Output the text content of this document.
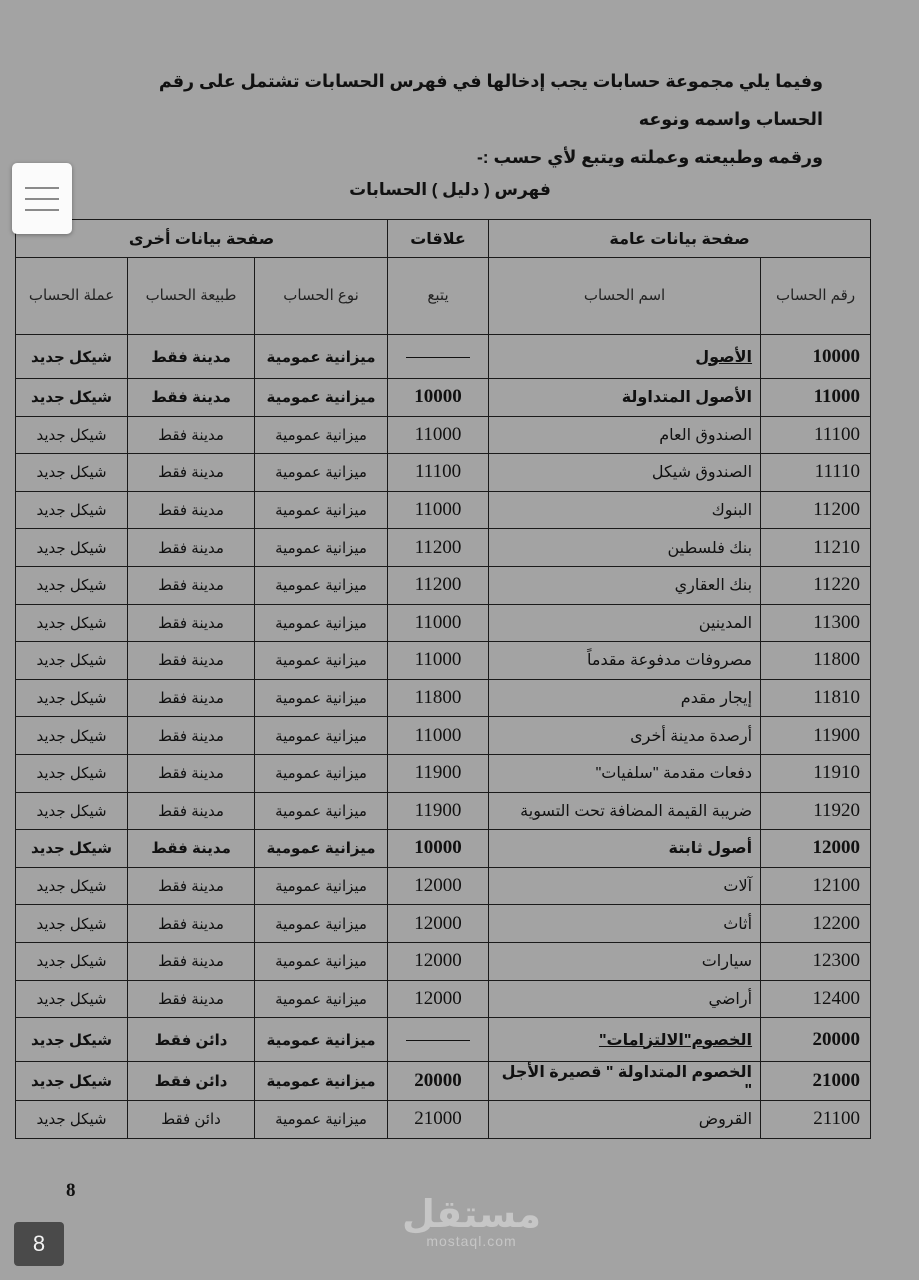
وفيما يلي مجموعة حسابات يجب إدخالها في فهرس الحسابات تشتمل على رقم الحساب واسمه ونوعه
ورقمه وطبيعته وعملته ويتبع لأي حسب :-
فهرس ( دليل ) الحسابات
صفحة بيانات عامة		علاقات	صفحة بيانات أخرى		
رقم الحساب	اسم الحساب	يتبع	نوع الحساب	طبيعة الحساب	عملة الحساب
10000	الأصول		ميزانية عمومية	مدينة فقط	شيكل جديد
11000	الأصول المتداولة	10000	ميزانية عمومية	مدينة فقط	شيكل جديد
11100	الصندوق العام	11000	ميزانية عمومية	مدينة فقط	شيكل جديد
11110	الصندوق شيكل	11100	ميزانية عمومية	مدينة فقط	شيكل جديد
11200	البنوك	11000	ميزانية عمومية	مدينة فقط	شيكل جديد
11210	بنك فلسطين	11200	ميزانية عمومية	مدينة فقط	شيكل جديد
11220	بنك العقاري	11200	ميزانية عمومية	مدينة فقط	شيكل جديد
11300	المدينين	11000	ميزانية عمومية	مدينة فقط	شيكل جديد
11800	مصروفات مدفوعة مقدماً	11000	ميزانية عمومية	مدينة فقط	شيكل جديد
11810	إيجار مقدم	11800	ميزانية عمومية	مدينة فقط	شيكل جديد
11900	أرصدة مدينة أخرى	11000	ميزانية عمومية	مدينة فقط	شيكل جديد
11910	دفعات مقدمة "سلفيات"	11900	ميزانية عمومية	مدينة فقط	شيكل جديد
11920	ضريبة القيمة المضافة تحت التسوية	11900	ميزانية عمومية	مدينة فقط	شيكل جديد
12000	أصول ثابتة	10000	ميزانية عمومية	مدينة فقط	شيكل جديد
12100	آلات	12000	ميزانية عمومية	مدينة فقط	شيكل جديد
12200	أثاث	12000	ميزانية عمومية	مدينة فقط	شيكل جديد
12300	سيارات	12000	ميزانية عمومية	مدينة فقط	شيكل جديد
12400	أراضي	12000	ميزانية عمومية	مدينة فقط	شيكل جديد
20000	الخصوم"الالتزامات"		ميزانية عمومية	دائن فقط	شيكل جديد
21000	الخصوم المتداولة " قصيرة الأجل "	20000	ميزانية عمومية	دائن فقط	شيكل جديد
21100	القروض	21000	ميزانية عمومية	دائن فقط	شيكل جديد
8
8
مستقل
mostaql.com
